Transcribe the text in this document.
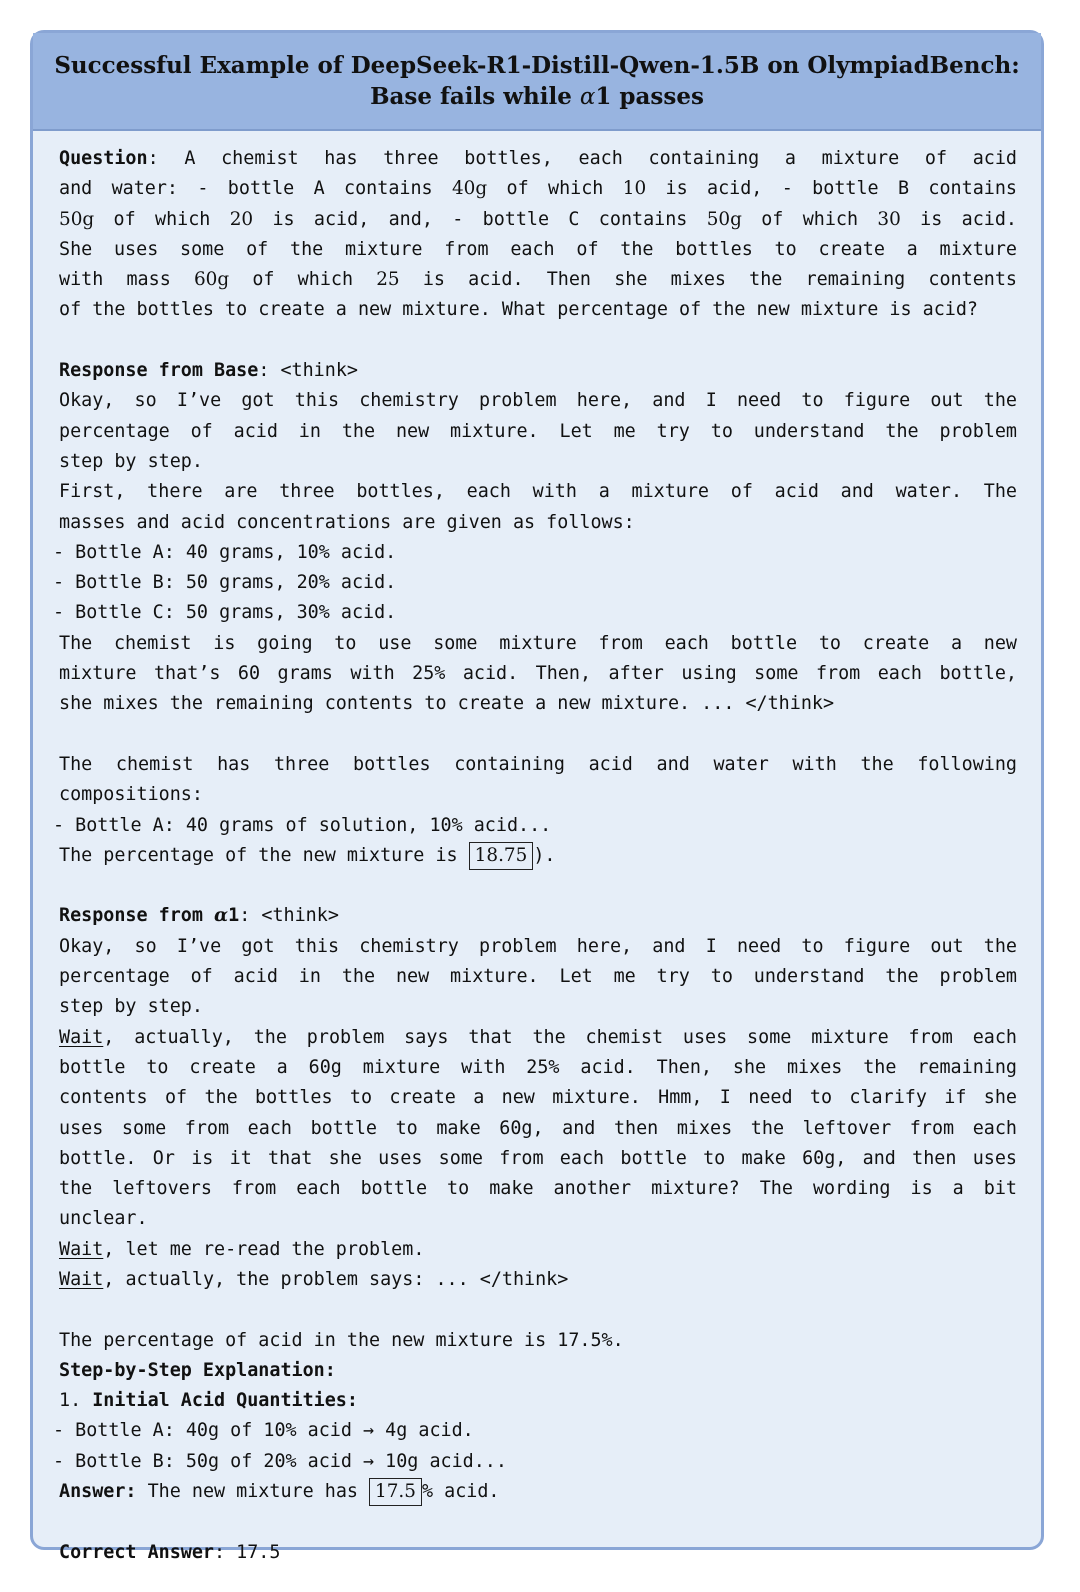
Successful Example of DeepSeek-R1-Distill-Qwen-1.5B on OlympiadBench:
Base fails while α1 passes
Question: A chemist has three bottles, each containing a mixture of acid
and water: - bottle A contains 40g of which 10 is acid, - bottle B contains
50g of which 20 is acid, and, - bottle C contains 50g of which 30 is acid.
She uses some of the mixture from each of the bottles to create a mixture
with mass 60g of which 25 is acid. Then she mixes the remaining contents
of the bottles to create a new mixture. What percentage of the new mixture is acid?
Response from Base: <think>
Okay, so I’ve got this chemistry problem here, and I need to figure out the
percentage of acid in the new mixture. Let me try to understand the problem
step by step.
First, there are three bottles, each with a mixture of acid and water. The
masses and acid concentrations are given as follows:
- Bottle A: 40 grams, 10% acid.
- Bottle B: 50 grams, 20% acid.
- Bottle C: 50 grams, 30% acid.
The chemist is going to use some mixture from each bottle to create a new
mixture that’s 60 grams with 25% acid. Then, after using some from each bottle,
she mixes the remaining contents to create a new mixture. ... </think>
The chemist has three bottles containing acid and water with the following
compositions:
- Bottle A: 40 grams of solution, 10% acid...
The percentage of the new mixture is 18.75 ).
Response from α1: <think>
Okay, so I’ve got this chemistry problem here, and I need to figure out the
percentage of acid in the new mixture. Let me try to understand the problem
step by step.
Wait, actually, the problem says that the chemist uses some mixture from each
bottle to create a 60g mixture with 25% acid. Then, she mixes the remaining
contents of the bottles to create a new mixture. Hmm, I need to clarify if she
uses some from each bottle to make 60g, and then mixes the leftover from each
bottle. Or is it that she uses some from each bottle to make 60g, and then uses
the leftovers from each bottle to make another mixture? The wording is a bit
unclear.
Wait, let me re-read the problem.
Wait, actually, the problem says: ... </think>
The percentage of acid in the new mixture is 17.5%.
Step-by-Step Explanation:
1. Initial Acid Quantities:
- Bottle A: 40g of 10% acid → 4g acid.
- Bottle B: 50g of 20% acid → 10g acid...
Answer: The new mixture has 17.5 % acid.
Correct Answer: 17.5
